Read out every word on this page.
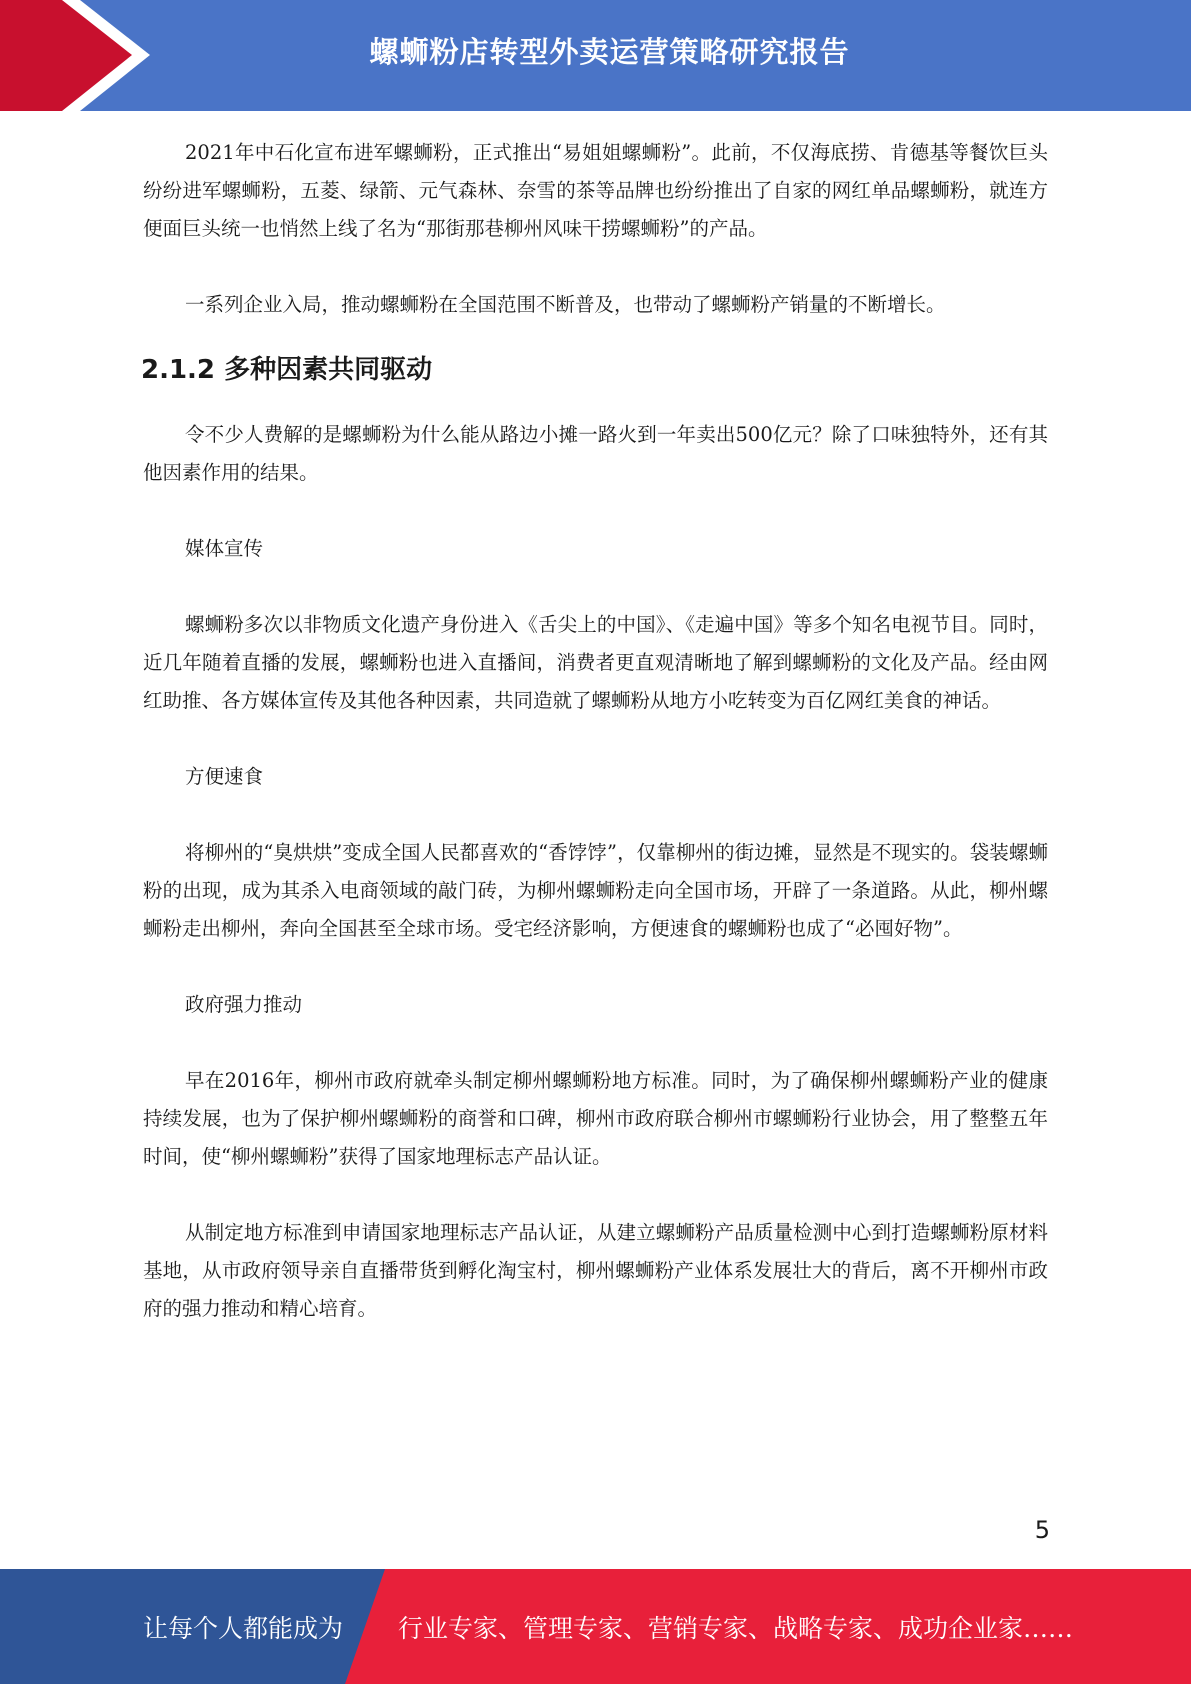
螺蛳粉店转型外卖运营策略研究报告

2021年中石化宣布进军螺蛳粉，正式推出“易姐姐螺蛳粉”。此前，不仅海底捞、肯德基等餐饮巨头纷纷进军螺蛳粉，五菱、绿箭、元气森林、奈雪的茶等品牌也纷纷推出了自家的网红单品螺蛳粉，就连方便面巨头统一也悄然上线了名为“那街那巷柳州风味干捞螺蛳粉”的产品。

一系列企业入局，推动螺蛳粉在全国范围不断普及，也带动了螺蛳粉产销量的不断增长。

2.1.2 多种因素共同驱动

令不少人费解的是螺蛳粉为什么能从路边小摊一路火到一年卖出500亿元？除了口味独特外，还有其他因素作用的结果。

媒体宣传

螺蛳粉多次以非物质文化遗产身份进入《舌尖上的中国》、《走遍中国》等多个知名电视节目。同时，近几年随着直播的发展，螺蛳粉也进入直播间，消费者更直观清晰地了解到螺蛳粉的文化及产品。经由网红助推、各方媒体宣传及其他各种因素，共同造就了螺蛳粉从地方小吃转变为百亿网红美食的神话。

方便速食

将柳州的“臭烘烘”变成全国人民都喜欢的“香饽饽”，仅靠柳州的街边摊，显然是不现实的。袋装螺蛳粉的出现，成为其杀入电商领域的敲门砖，为柳州螺蛳粉走向全国市场，开辟了一条道路。从此，柳州螺蛳粉走出柳州，奔向全国甚至全球市场。受宅经济影响，方便速食的螺蛳粉也成了“必囤好物”。

政府强力推动

早在2016年，柳州市政府就牵头制定柳州螺蛳粉地方标准。同时，为了确保柳州螺蛳粉产业的健康持续发展，也为了保护柳州螺蛳粉的商誉和口碑，柳州市政府联合柳州市螺蛳粉行业协会，用了整整五年时间，使“柳州螺蛳粉”获得了国家地理标志产品认证。

从制定地方标准到申请国家地理标志产品认证，从建立螺蛳粉产品质量检测中心到打造螺蛳粉原材料基地，从市政府领导亲自直播带货到孵化淘宝村，柳州螺蛳粉产业体系发展壮大的背后，离不开柳州市政府的强力推动和精心培育。

5
让每个人都能成为 行业专家、管理专家、营销专家、战略专家、成功企业家……
